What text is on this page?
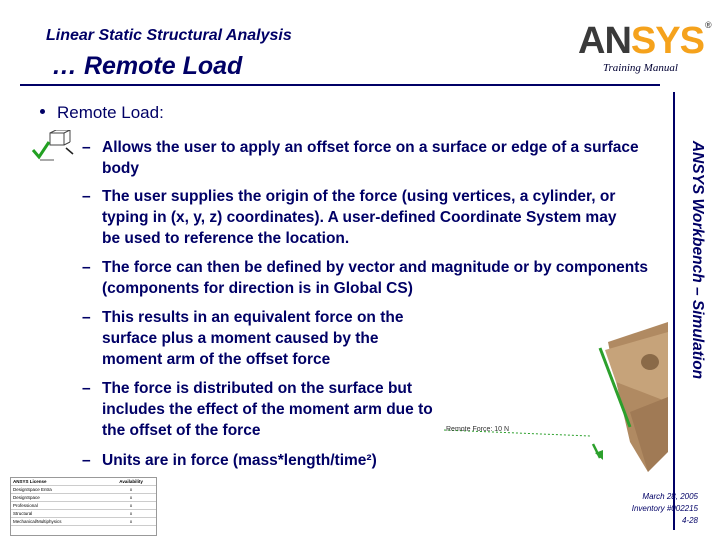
Linear Static Structural Analysis
… Remote Load
ANSYS®
Training Manual
ANSYS Workbench – Simulation
Remote Load:
– Allows the user to apply an offset force on a surface or edge of a surface body
– The user supplies the origin of the force (using vertices, a cylinder, or typing in (x, y, z) coordinates). A user-defined Coordinate System may be used to reference the location.
– The force can then be defined by vector and magnitude or by components (components for direction is in Global CS)
– This results in an equivalent force on the surface plus a moment caused by the moment arm of the offset force
– The force is distributed on the surface but includes the effect of the moment arm due to the offset of the force
– Units are in force (mass*length/time²)
Remote Force: 10 N
ANSYS License	Availability
DesignSpace Entra	x
DesignSpace	x
Professional	x
Structural	x
Mechanical/Multiphysics	x
March 28, 2005
Inventory #002215
4-28
